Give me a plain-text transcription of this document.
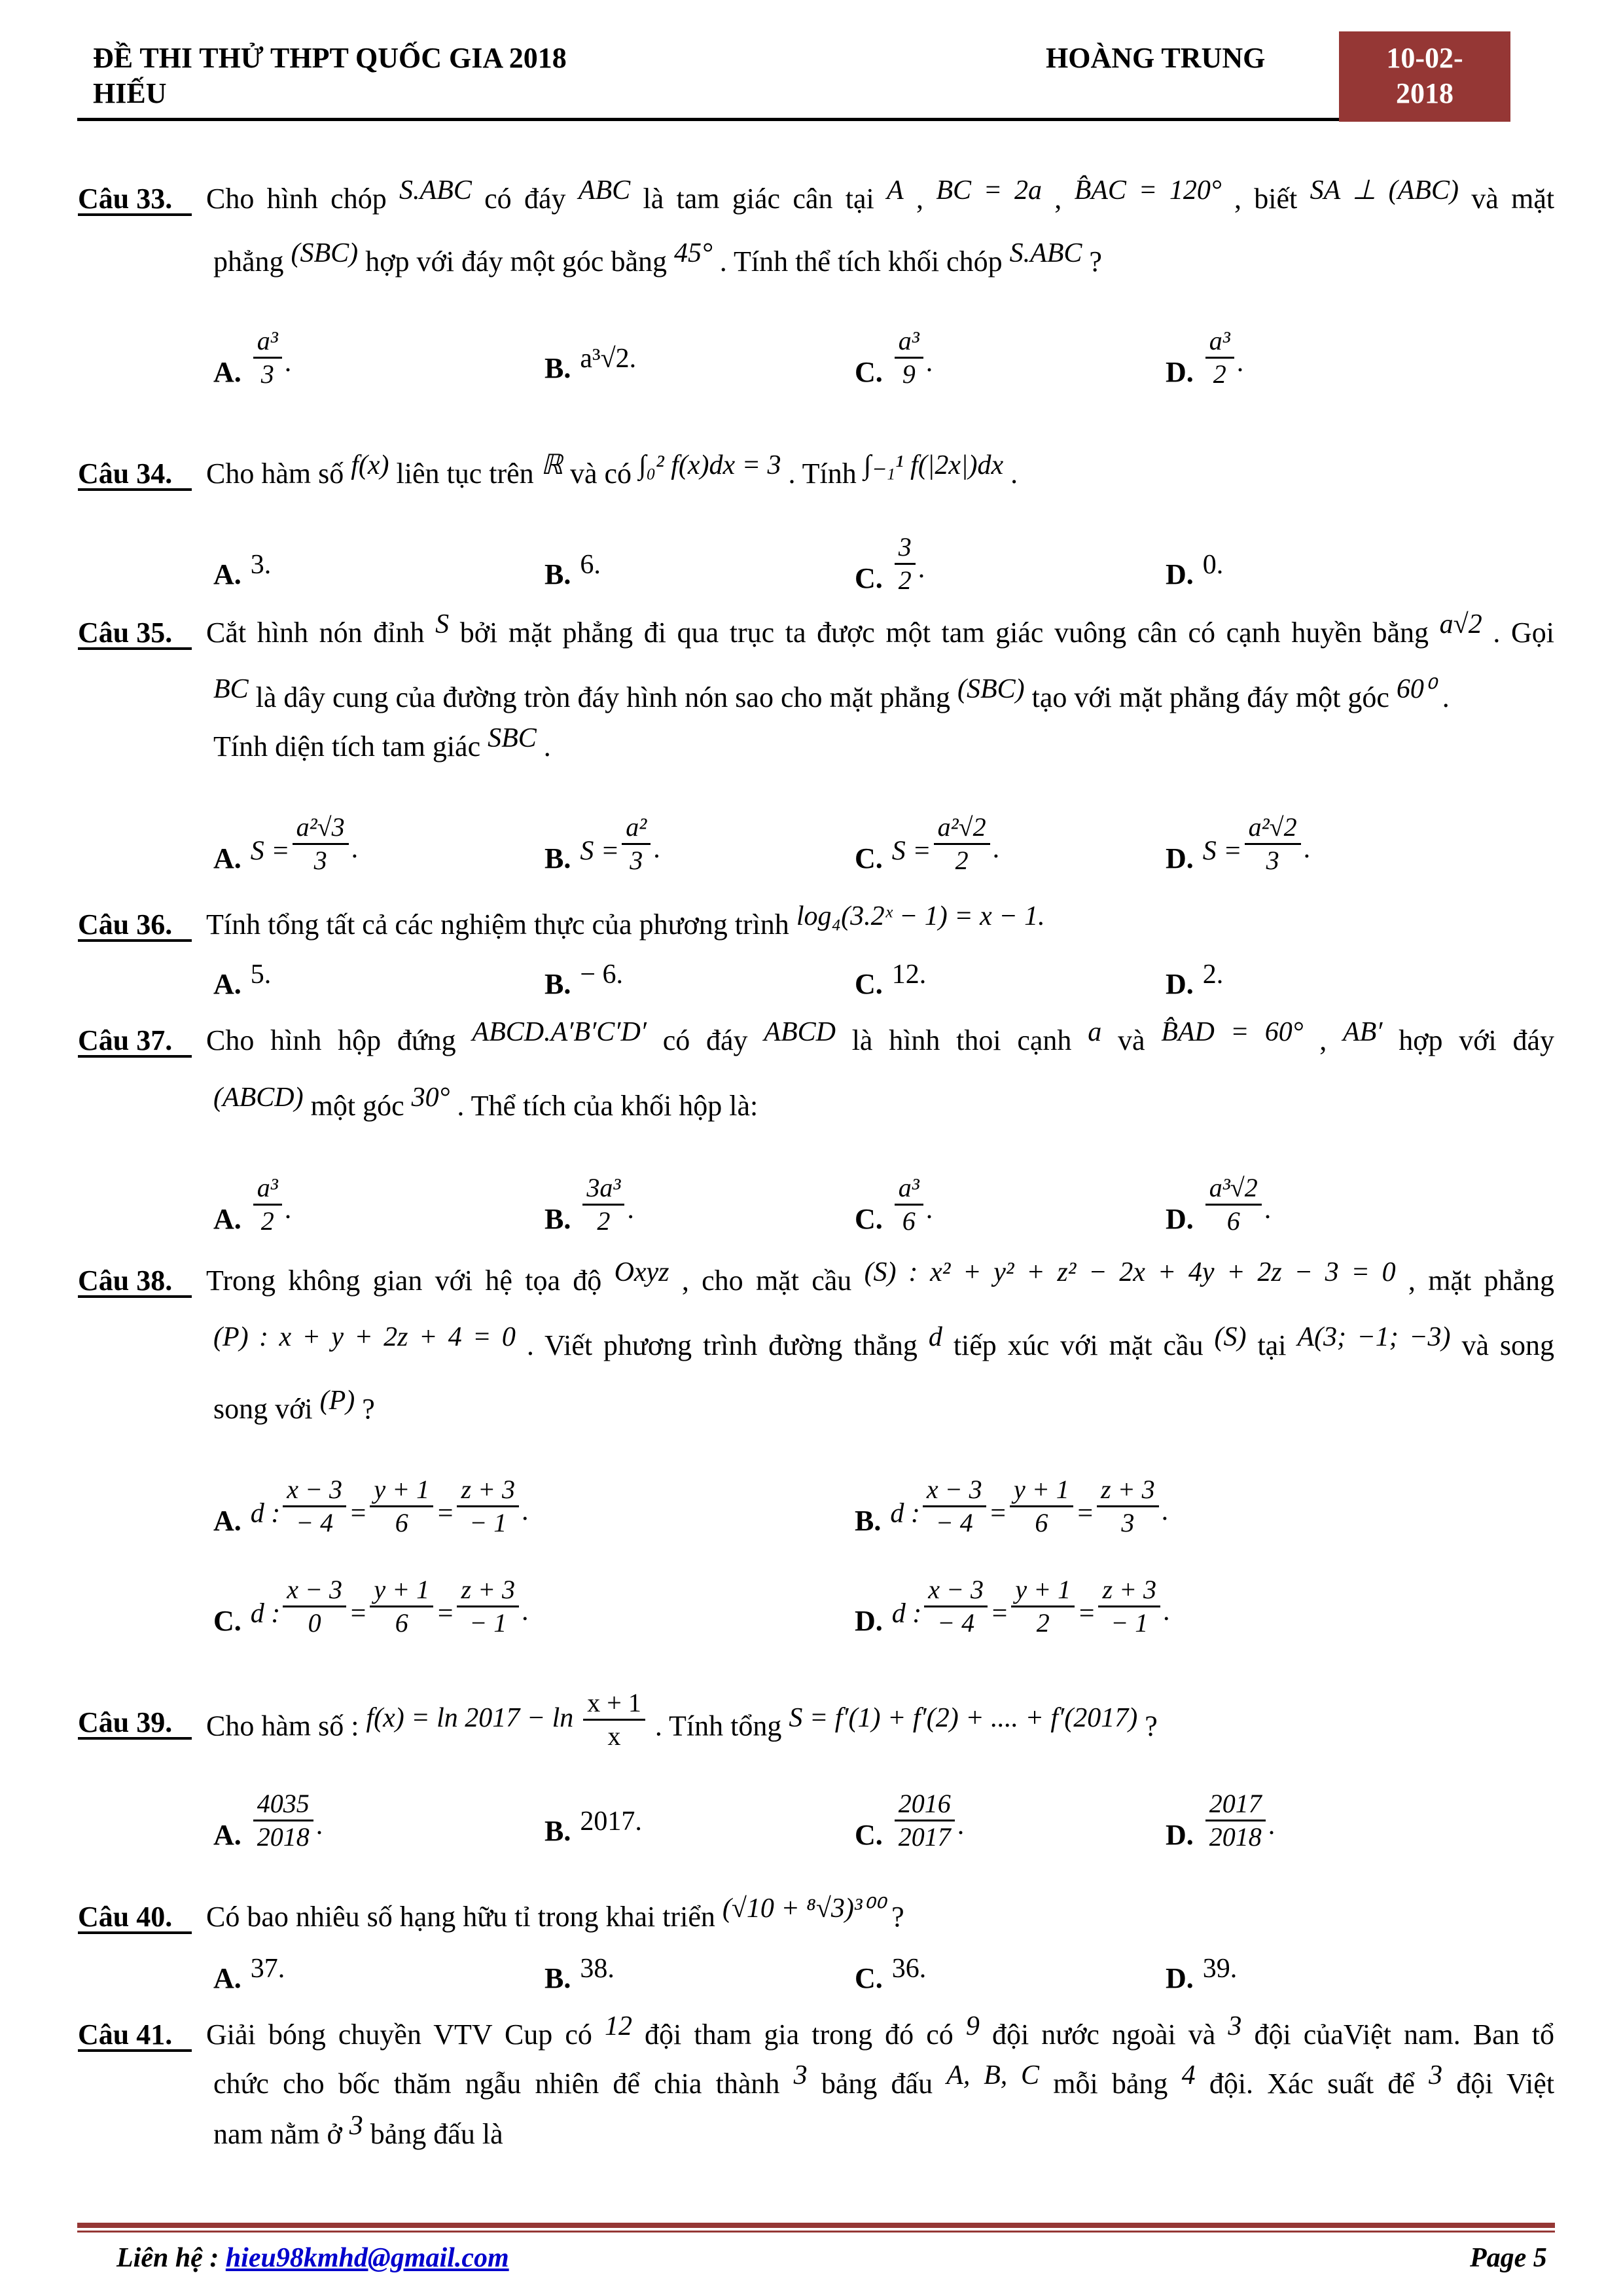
ĐỀ THI THỬ THPT QUỐC GIA 2018
HIẾU
HOÀNG TRUNG	10-02-
2018
Câu 33.	Cho hình chóp S.ABC có đáy ABC là tam giác cân tại A , BC = 2a , B̂AC = 120° , biết SA ⊥ (ABC) và mặt
phẳng (SBC) hợp với đáy một góc bằng 45° . Tính thể tích khối chóp S.ABC ?
A. $\frac{\text{a³}}{3}$ .	B. a³√2.	C. $\frac{\text{a³}}{9}$ .	D. $\frac{\text{a³}}{2}$ .
Câu 34.	Cho hàm số f(x) liên tục trên ℝ và có ∫₀² f(x)dx = 3 . Tính ∫₋₁¹ f(|2x|)dx .
A. 3.	B. 6.	C. $\frac{3}{2}$ .	D. 0.
Câu 35.	Cắt hình nón đỉnh S bởi mặt phẳng đi qua trục ta được một tam giác vuông cân có cạnh huyền bằng a√2 . Gọi
BC là dây cung của đường tròn đáy hình nón sao cho mặt phẳng (SBC) tạo với mặt phẳng đáy một góc 60⁰ .
Tính diện tích tam giác SBC .
A. $S = \frac{\text{a²√3}}{3}$ .	B. $S = \frac{\text{a²}}{3}$ .	C. $S = \frac{\text{a²√2}}{2}$ .	D. $S = \frac{\text{a²√2}}{3}$ .
Câu 36.	Tính tổng tất cả các nghiệm thực của phương trình log₄(3.2ˣ − 1) = x − 1.
A. 5.	B. − 6.	C. 12.	D. 2.
Câu 37.	Cho hình hộp đứng ABCD.A′B′C′D′ có đáy ABCD là hình thoi cạnh a và B̂AD = 60° , AB′ hợp với đáy
(ABCD) một góc 30° . Thể tích của khối hộp là:
A. $\frac{\text{a³}}{2}$ .	B. $\frac{\text{3a³}}{2}$ .	C. $\frac{\text{a³}}{6}$ .	D. $\frac{\text{a³√2}}{6}$ .
Câu 38.	Trong không gian với hệ tọa độ Oxyz , cho mặt cầu (S) : x² + y² + z² − 2x + 4y + 2z − 3 = 0 , mặt phẳng
(P) : x + y + 2z + 4 = 0 . Viết phương trình đường thẳng d tiếp xúc với mặt cầu (S) tại A(3; −1; −3) và song
song với (P) ?
A. d : $\frac{x - 3}{- 4} = \frac{y + 1}{6} = \frac{z + 3}{- 1}$ .	B. d : $\frac{x - 3}{- 4} = \frac{y + 1}{6} = \frac{z + 3}{3}$ .
C. d : $\frac{x - 3}{0} = \frac{y + 1}{6} = \frac{z + 3}{- 1}$ .	D. d : $\frac{x - 3}{- 4} = \frac{y + 1}{2} = \frac{z + 3}{- 1}$ .
Câu 39.	Cho hàm số : $f(x) = \ln 2017 - \ln \frac{x + 1}{x}$ . Tính tổng S = f′(1) + f′(2) + .... + f′(2017) ?
A. $\frac{4035}{2018}$ .	B. 2017.	C. $\frac{2016}{2017}$ .	D. $\frac{2017}{2018}$ .
Câu 40.	Có bao nhiêu số hạng hữu tỉ trong khai triển (√10 + ⁸√3)³⁰⁰ ?
A. 37.	B. 38.	C. 36.	D. 39.
Câu 41.	Giải bóng chuyền VTV Cup có 12 đội tham gia trong đó có 9 đội nước ngoài và 3 đội củaViệt nam. Ban tổ
chức cho bốc thăm ngẫu nhiên để chia thành 3 bảng đấu A, B, C mỗi bảng 4 đội. Xác suất để 3 đội Việt
nam nằm ở 3 bảng đấu là
Liên hệ : hieu98kmhd@gmail.com	Page 5
